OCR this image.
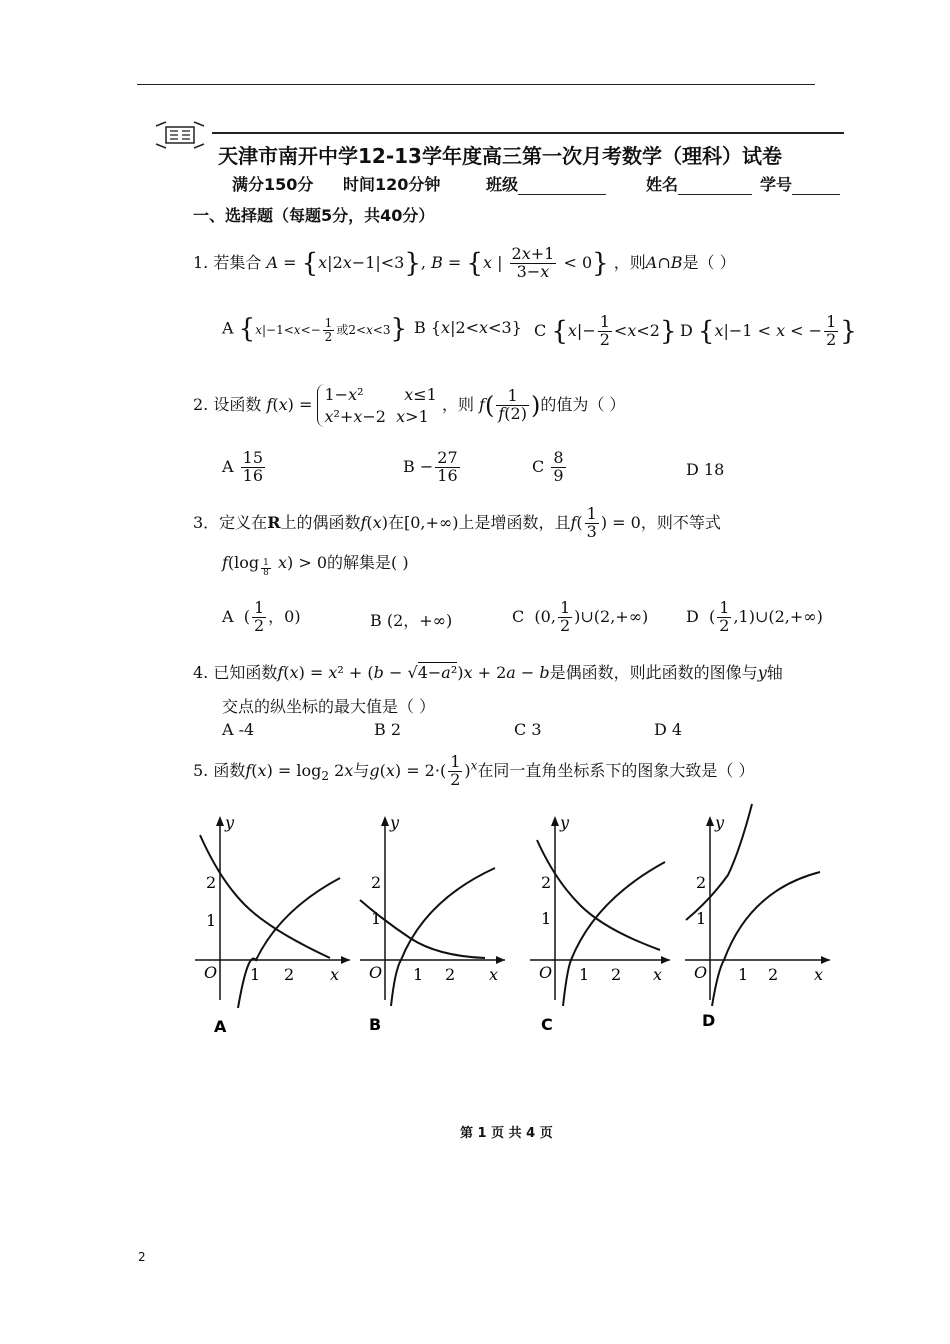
天津市南开中学12-13学年度高三第一次月考数学（理科）试卷
满分150分 时间120分钟	班级	姓名	学号
一、选择题（每题5分，共40分）
1. 若集合 A = {x|2x−1|<3}, B = {x | $\frac{2x+1}{3-x} < 0$} ，则A∩B是（ ）
A {$x|-1<x<- \frac{1}{2}$ 或2<x<3} B {x|2<x<3} C $\{x|- \frac{1}{2} <x<2\}$ D {x|−1 < x < − $\frac{1}{2}$ }
2. 设函数 f(x) = 1−x²        x≤1
x²+x−2  x>1 ，则 $f( \frac{1}{f(2)}$ )的值为（ ）
A $\frac{15}{16}$	$B - \frac{27}{16}$	C $\frac{8}{9}$	D 18
3．定义在R上的偶函数f(x)在[0,+∞)上是增函数，且$f( \frac{1}{3}$ ) = 0，则不等式
f(log $_{\frac{1}{8}}$ x) > 0的解集是( )
A  ( $\frac{1}{2}$ ，0)	B (2，+∞)	C  (0, $\frac{1}{2}$ )∪(2,+∞) D  ( $\frac{1}{2}$ ,1)∪(2,+∞)
4. 已知函数f(x) = x² + (b − √4−a²)x + 2a − b是偶函数，则此函数的图像与y轴
交点的纵坐标的最大值是（ ）
A -4	B 2	C 3	D 4
5. 函数$f(x) = \log_2 2x$与$g(x) = 2\cdot( \frac{1}{2} )^x$在同一直角坐标系下的图象大致是（ ）
y
x
O 1 2
1
2
A
y
x
O 1 2
1
2
B
y
x
O 1 2
1
2
C
y
x
O 1 2
1
2
D
第 1 页 共 4 页
2
